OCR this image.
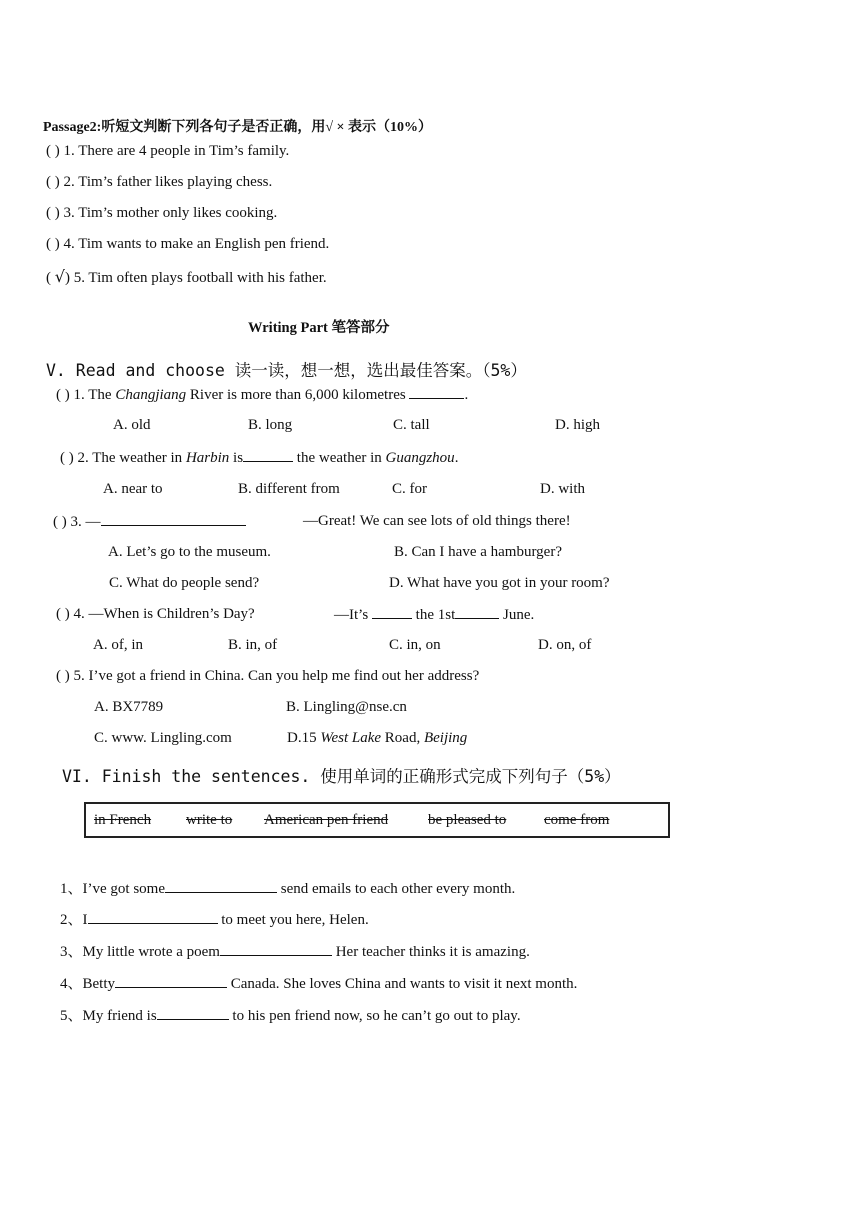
Passage2:听短文判断下列各句子是否正确，用√ × 表示（10%）
( ) 1. There are 4 people in Tim’s family.
( ) 2. Tim’s father likes playing chess.
( ) 3. Tim’s mother only likes cooking.
( ) 4. Tim wants to make an English pen friend.
( √) 5. Tim often plays football with his father.
Writing Part 笔答部分
V. Read and choose 读一读，想一想，选出最佳答案。（5%）
( ) 1. The Changjiang River is more than 6,000 kilometres	.
A. old	B. long	C. tall	D. high
( ) 2. The weather in Harbin is	the weather in Guangzhou.
A. near to	B. different from	C. for	D. with
( ) 3. —	—Great! We can see lots of old things there!
A. Let’s go to the museum.	B. Can I have a hamburger?
C. What do people send?	D. What have you got in your room?
( ) 4. —When is Children’s Day?	—It’s	the 1st	June.
A. of, in	B. in, of	C. in, on	D. on, of
( ) 5. I’ve got a friend in China. Can you help me find out her address?
A. BX7789	B. Lingling@nse.cn
C. www. Lingling.com	D.15 West Lake Road, Beijing
VI. Finish the sentences. 使用单词的正确形式完成下列句子（5%）
in French write to American pen friend	be pleased to	come from
1、I’ve got some	send emails to each other every month.
2、I	to meet you here, Helen.
3、My little wrote a poem	Her teacher thinks it is amazing.
4、Betty	Canada. She loves China and wants to visit it next month.
5、My friend is	to his pen friend now, so he can’t go out to play.
